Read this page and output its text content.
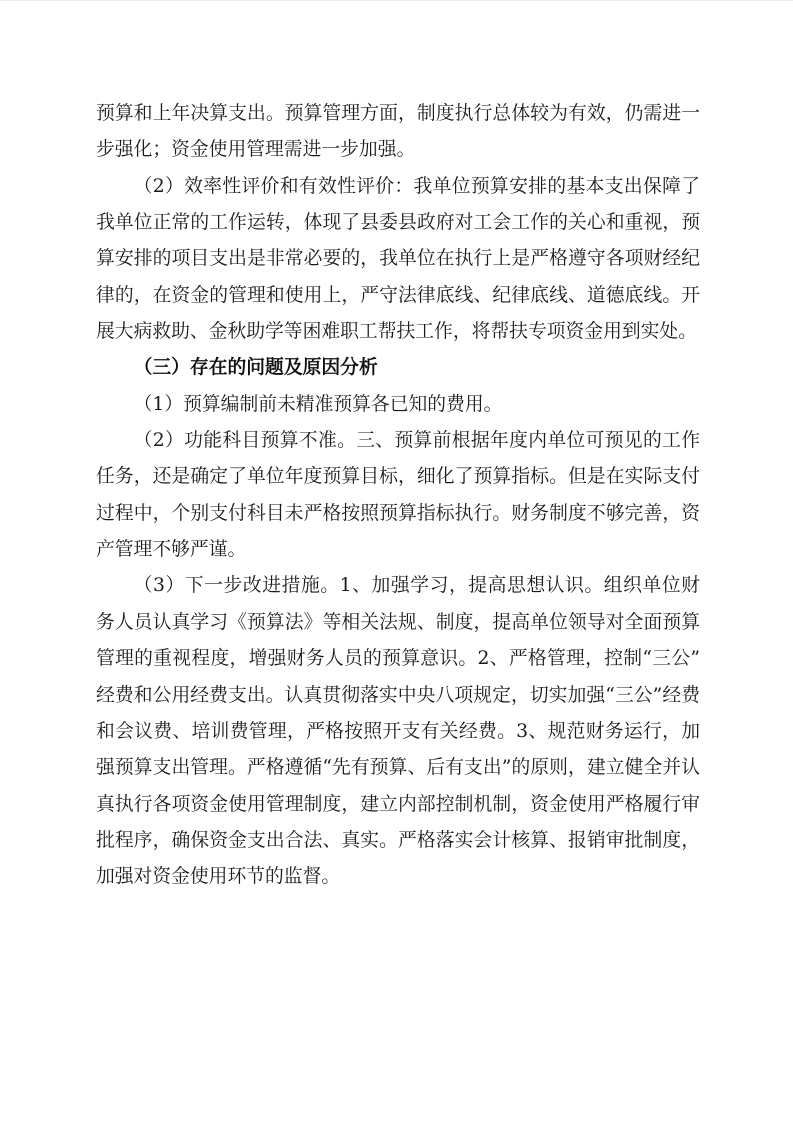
预算和上年决算支出。预算管理方面，制度执行总体较为有效，仍需进一步强化；资金使用管理需进一步加强。

（2）效率性评价和有效性评价：我单位预算安排的基本支出保障了我单位正常的工作运转，体现了县委县政府对工会工作的关心和重视，预算安排的项目支出是非常必要的，我单位在执行上是严格遵守各项财经纪律的，在资金的管理和使用上，严守法律底线、纪律底线、道德底线。开展大病救助、金秋助学等困难职工帮扶工作，将帮扶专项资金用到实处。

（三）存在的问题及原因分析

（1）预算编制前未精准预算各已知的费用。

（2）功能科目预算不准。三、预算前根据年度内单位可预见的工作任务，还是确定了单位年度预算目标，细化了预算指标。但是在实际支付过程中，个别支付科目未严格按照预算指标执行。财务制度不够完善，资产管理不够严谨。

（3）下一步改进措施。1、加强学习，提高思想认识。组织单位财务人员认真学习《预算法》等相关法规、制度，提高单位领导对全面预算管理的重视程度，增强财务人员的预算意识。2、严格管理，控制“三公”经费和公用经费支出。认真贯彻落实中央八项规定，切实加强“三公”经费和会议费、培训费管理，严格按照开支有关经费。3、规范财务运行，加强预算支出管理。严格遵循“先有预算、后有支出”的原则，建立健全并认真执行各项资金使用管理制度，建立内部控制机制，资金使用严格履行审批程序，确保资金支出合法、真实。严格落实会计核算、报销审批制度，加强对资金使用环节的监督。
